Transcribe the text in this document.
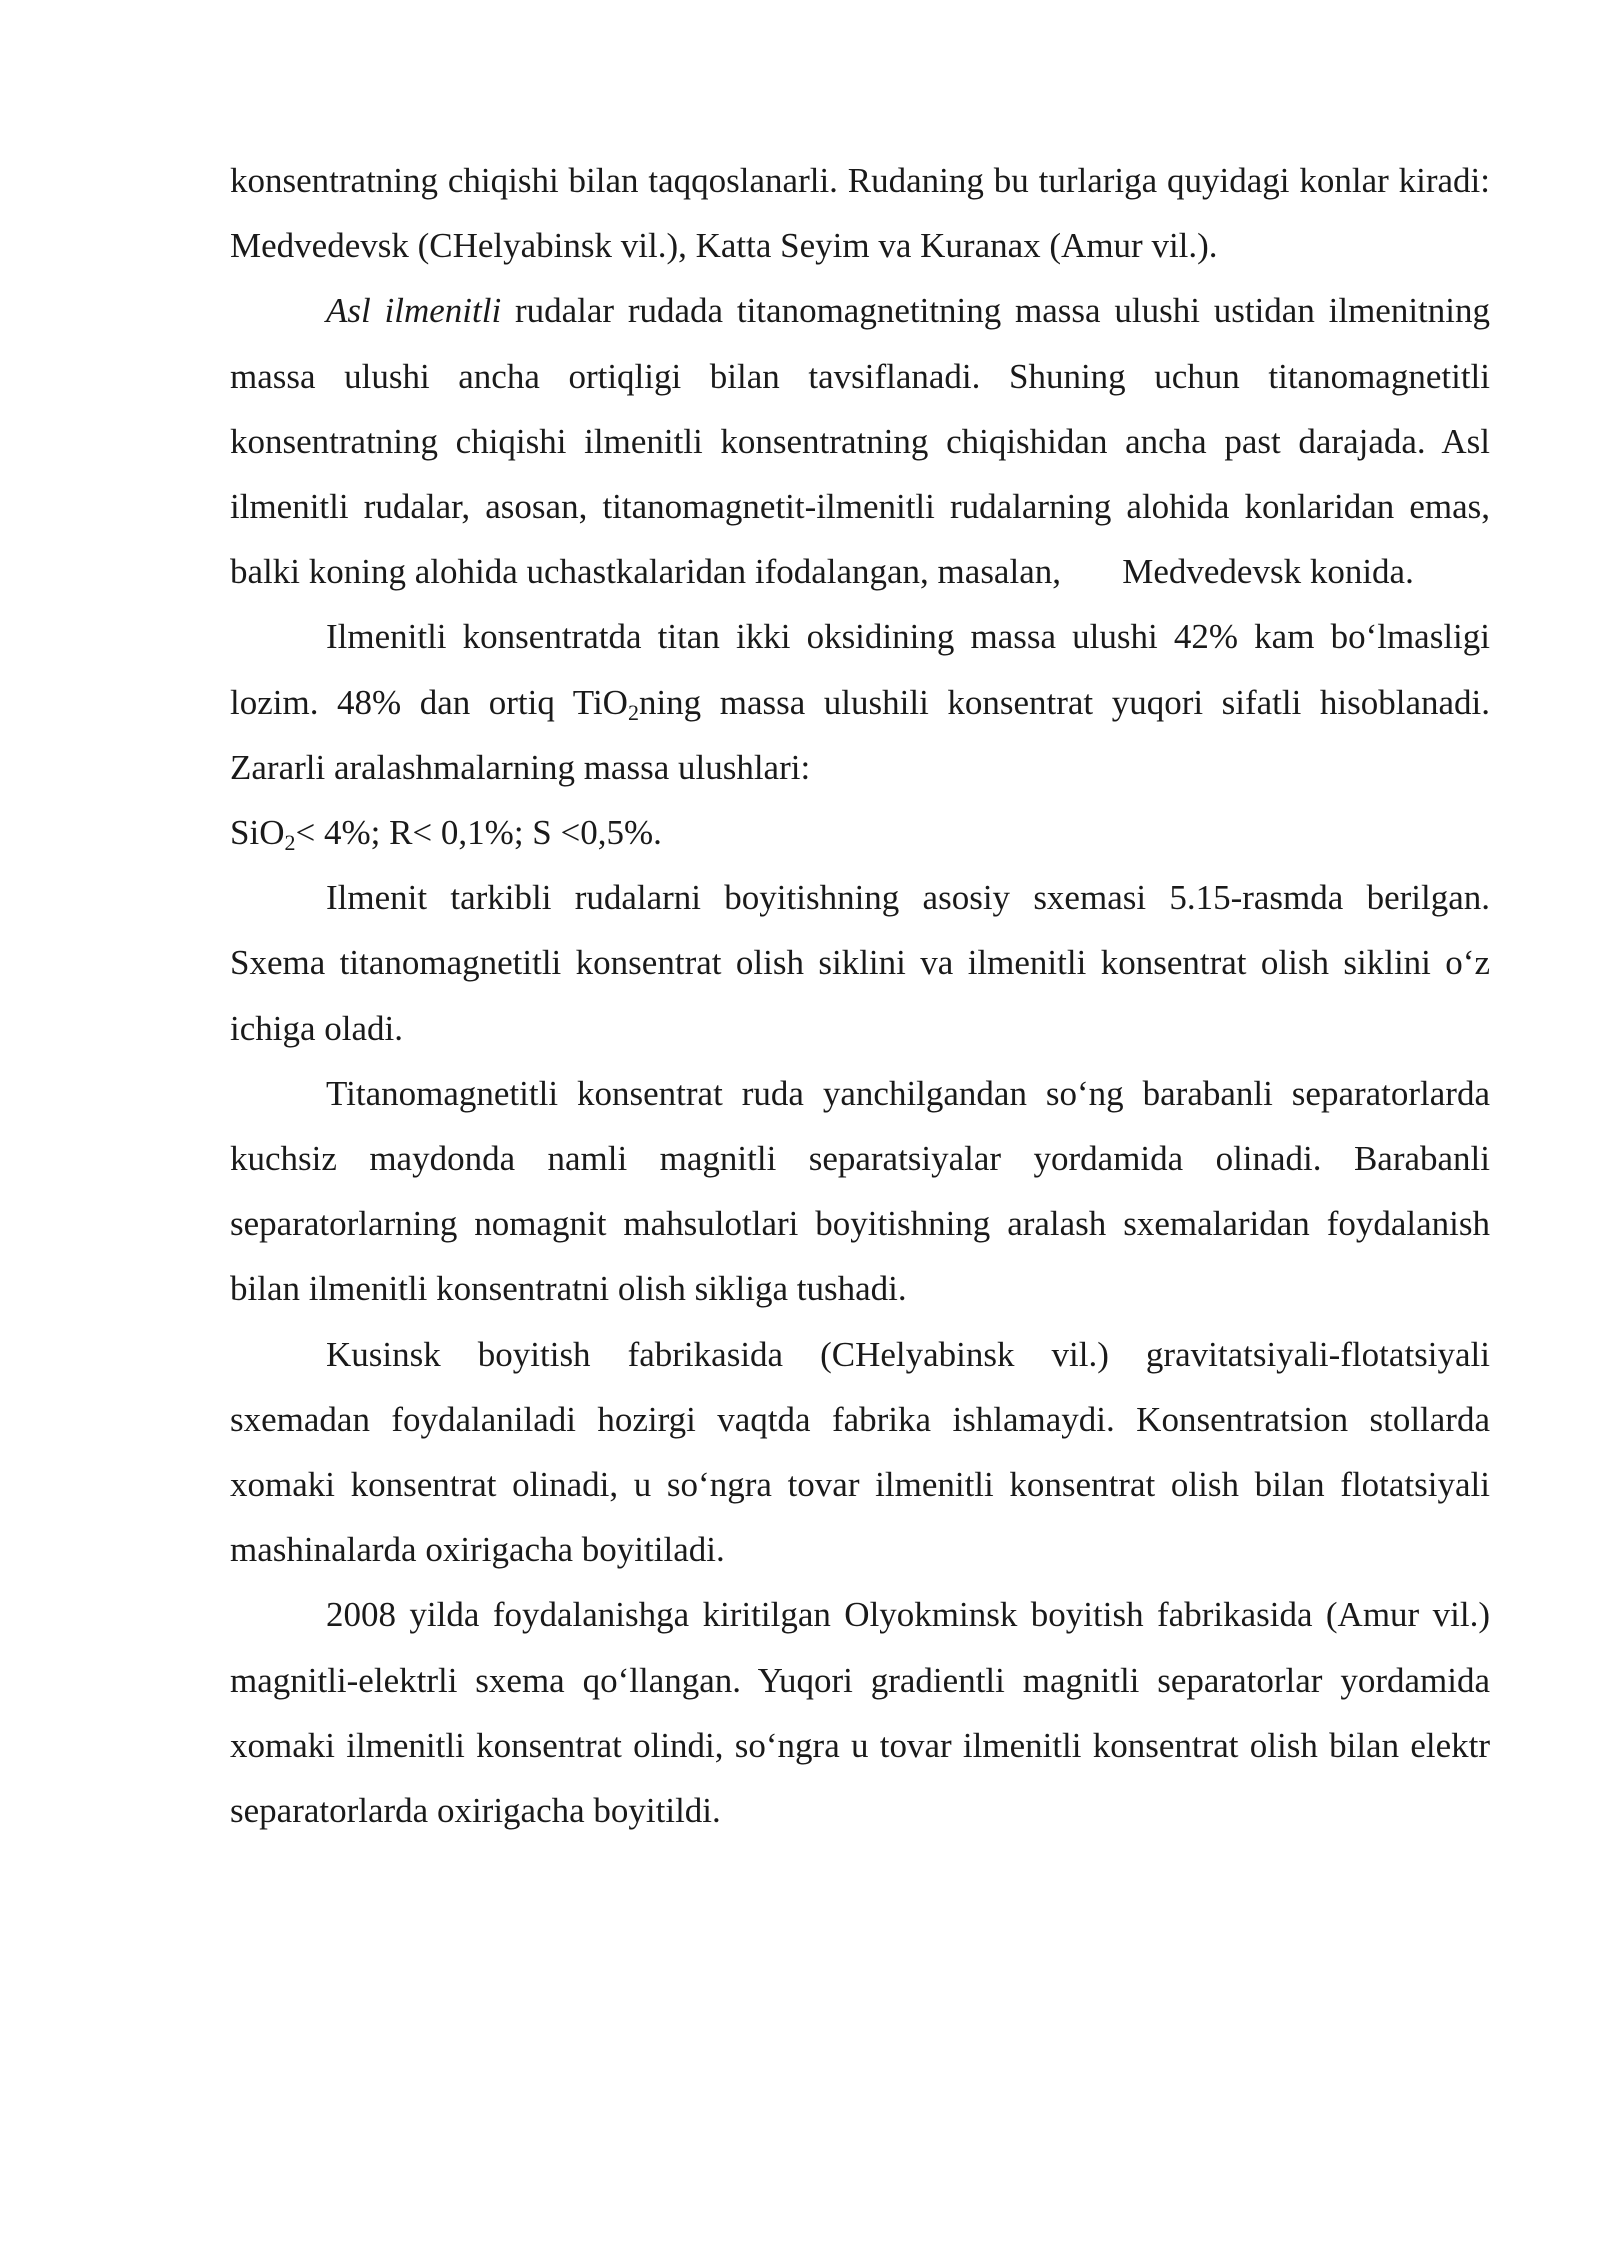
konsentratning chiqishi bilan taqqoslanarli. Rudaning bu turlariga quyidagi konlar kiradi: Medvedevsk (CHelyabinsk vil.), Katta Seyim va Kuranax (Amur vil.).

Asl ilmenitli rudalar rudada titanomagnetitning massa ulushi ustidan ilmenitning massa ulushi ancha ortiqligi bilan tavsiflanadi. Shuning uchun titanomagnetitli konsentratning chiqishi ilmenitli konsentratning chiqishidan ancha past darajada. Asl ilmenitli rudalar, asosan, titanomagnetit-ilmenitli rudalarning alohida konlaridan emas, balki koning alohida uchastkalaridan ifodalangan, masalan,       Medvedevsk konida.

Ilmenitli konsentratda titan ikki oksidining massa ulushi 42% kam bo‘lmasligi lozim. 48% dan ortiq TiO$_2$ning massa ulushili konsentrat yuqori sifatli hisoblanadi. Zararli aralashmalarning massa ulushlari:

SiO$_2$< 4%; R< 0,1%; S <0,5%.

Ilmenit tarkibli rudalarni boyitishning asosiy sxemasi 5.15-rasmda berilgan. Sxema titanomagnetitli konsentrat olish siklini va ilmenitli konsentrat olish siklini o‘z ichiga oladi.

Titanomagnetitli konsentrat ruda yanchilgandan so‘ng barabanli separatorlarda kuchsiz maydonda namli magnitli separatsiyalar yordamida olinadi. Barabanli separatorlarning nomagnit mahsulotlari boyitishning aralash sxemalaridan foydalanish bilan ilmenitli konsentratni olish sikliga tushadi.

Kusinsk boyitish fabrikasida (CHelyabinsk vil.) gravitatsiyali-flotatsiyali sxemadan foydalaniladi hozirgi vaqtda fabrika ishlamaydi. Konsentratsion stollarda xomaki konsentrat olinadi, u so‘ngra tovar ilmenitli konsentrat olish bilan flotatsiyali mashinalarda oxirigacha boyitiladi.

2008 yilda foydalanishga kiritilgan Olyokminsk boyitish fabrikasida (Amur vil.) magnitli-elektrli sxema qo‘llangan. Yuqori gradientli magnitli separatorlar yordamida xomaki ilmenitli konsentrat olindi, so‘ngra u tovar ilmenitli konsentrat olish bilan elektr separatorlarda oxirigacha boyitildi.
